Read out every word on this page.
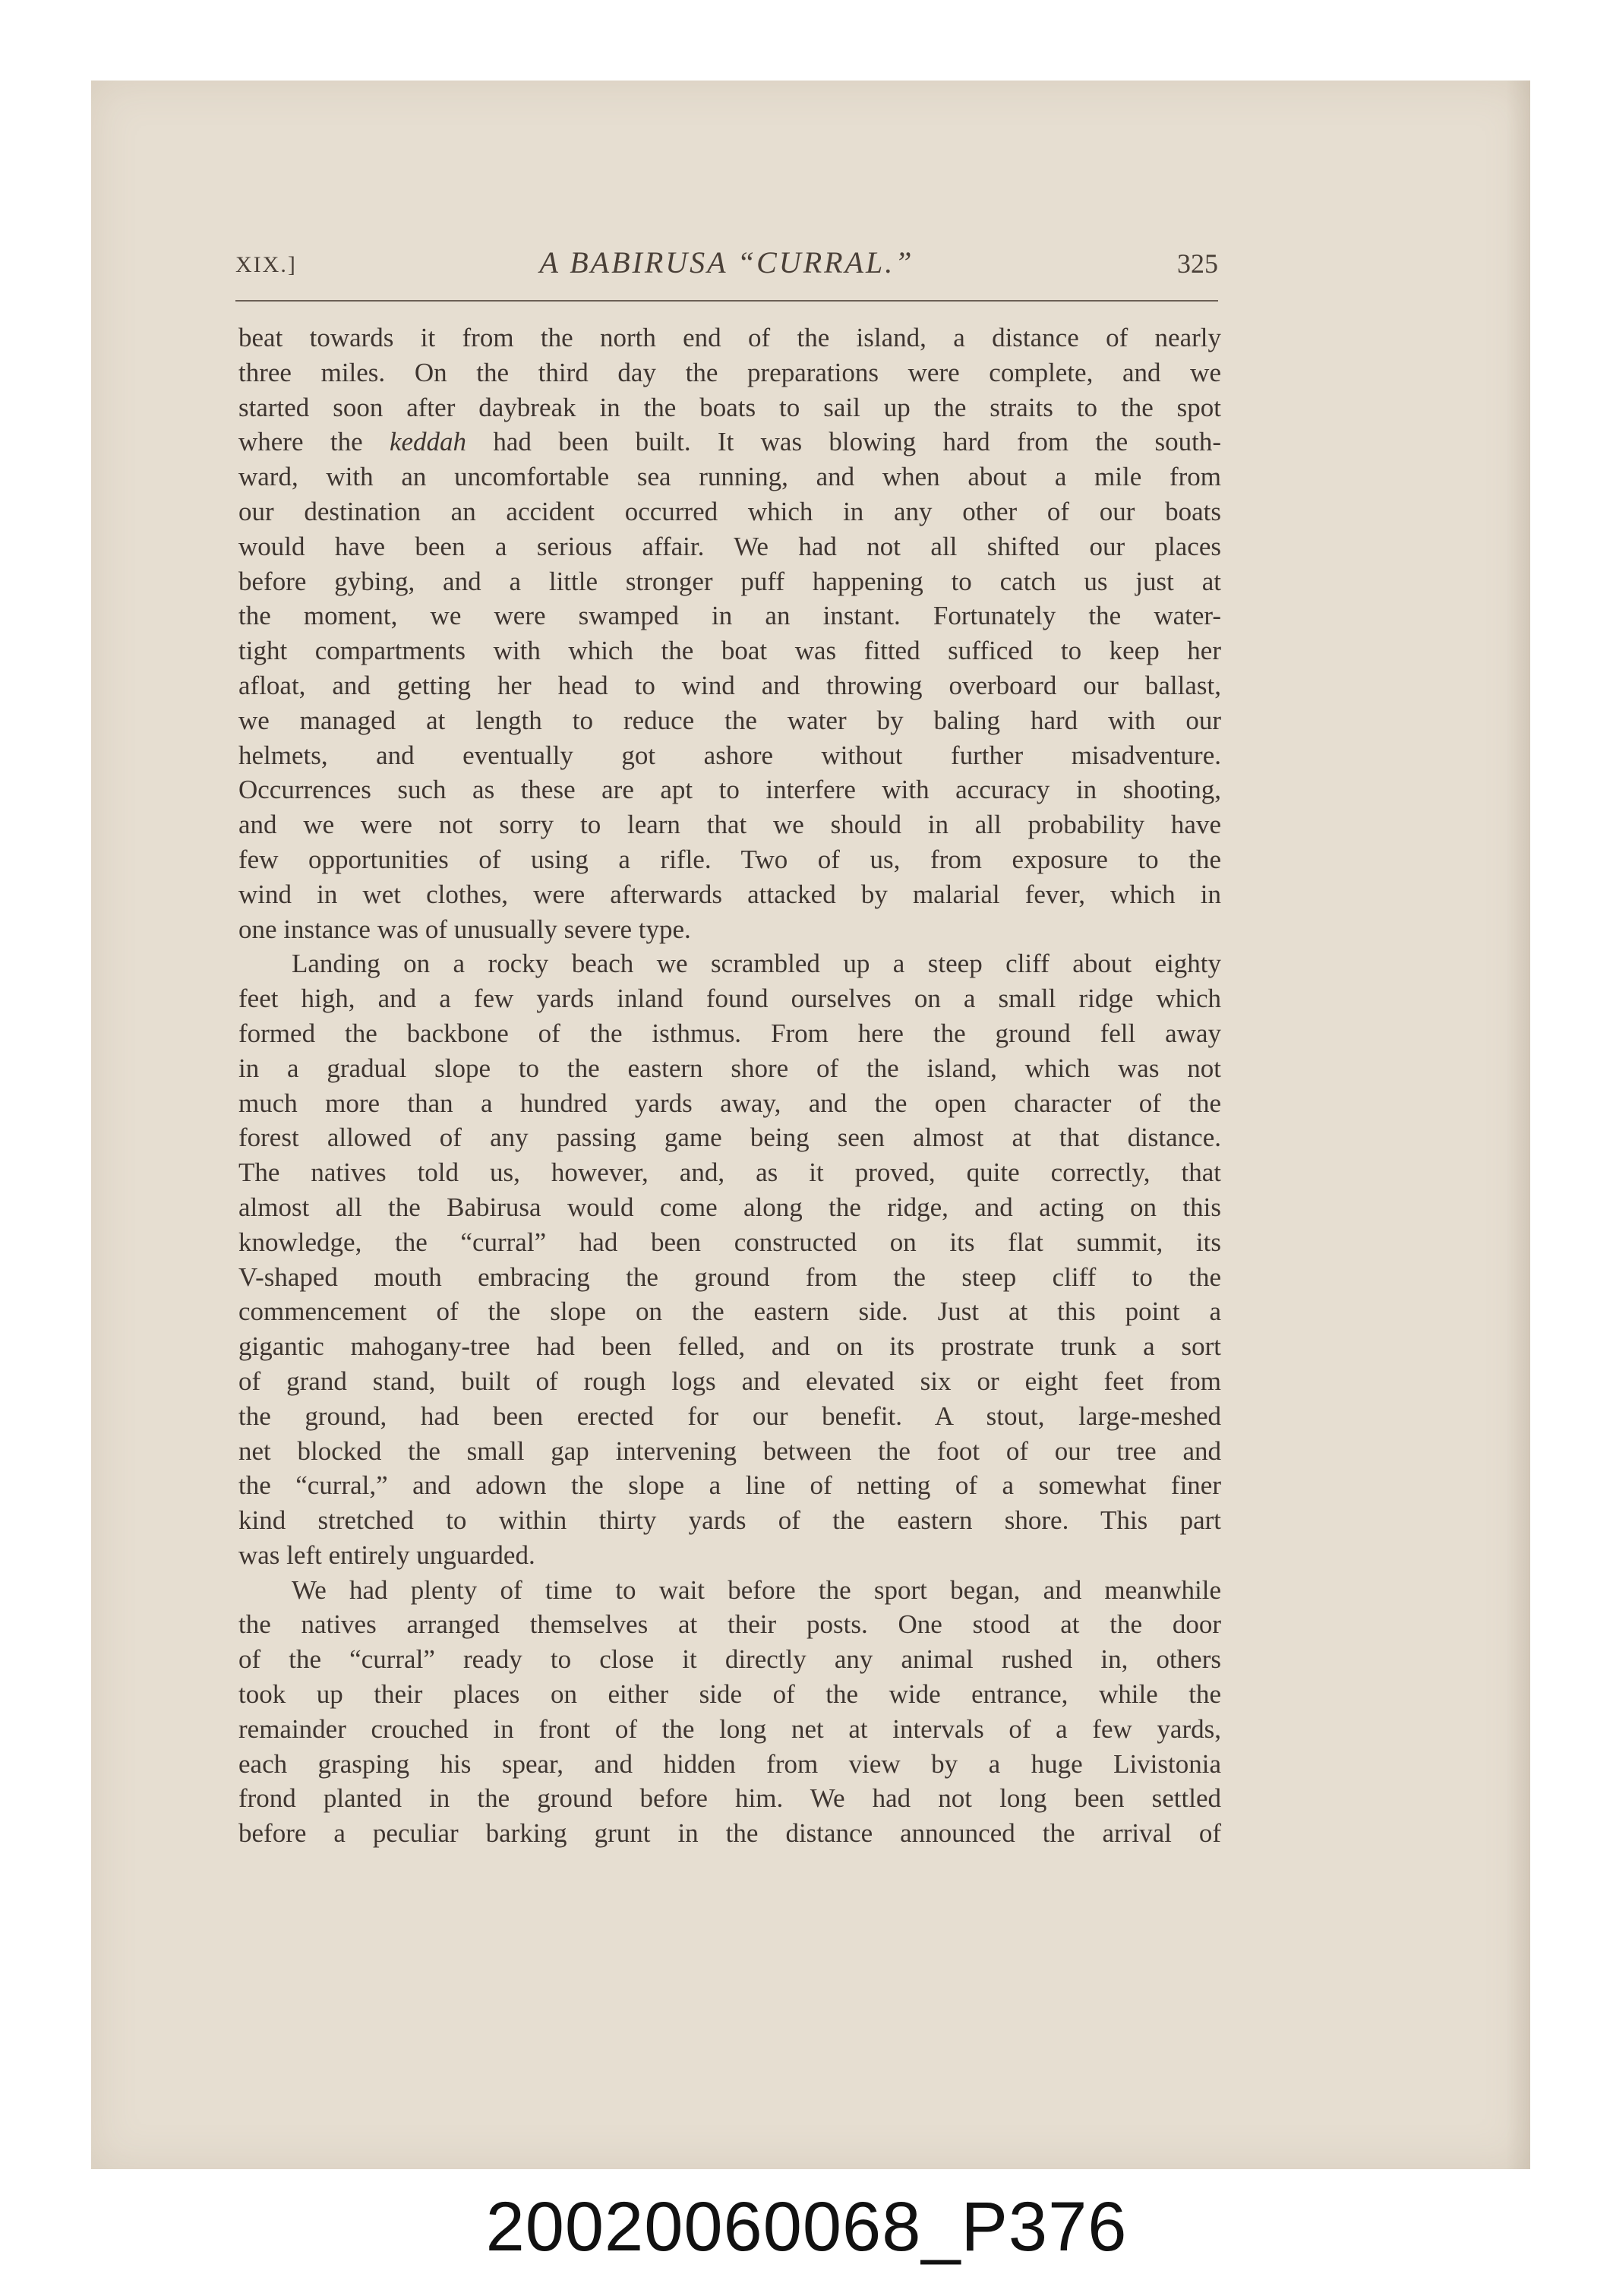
XIX.]	A BABIRUSA “CURRAL.”	325
beat towards it from the north end of the island, a distance of nearly
three miles. On the third day the preparations were complete, and we
started soon after daybreak in the boats to sail up the straits to the spot
where the keddah had been built. It was blowing hard from the south-
ward, with an uncomfortable sea running, and when about a mile from
our destination an accident occurred which in any other of our boats
would have been a serious affair. We had not all shifted our places
before gybing, and a little stronger puff happening to catch us just at
the moment, we were swamped in an instant. Fortunately the water-
tight compartments with which the boat was fitted sufficed to keep her
afloat, and getting her head to wind and throwing overboard our ballast,
we managed at length to reduce the water by baling hard with our
helmets, and eventually got ashore without further misadventure.
Occurrences such as these are apt to interfere with accuracy in shooting,
and we were not sorry to learn that we should in all probability have
few opportunities of using a rifle. Two of us, from exposure to the
wind in wet clothes, were afterwards attacked by malarial fever, which in
one instance was of unusually severe type.
Landing on a rocky beach we scrambled up a steep cliff about eighty
feet high, and a few yards inland found ourselves on a small ridge which
formed the backbone of the isthmus. From here the ground fell away
in a gradual slope to the eastern shore of the island, which was not
much more than a hundred yards away, and the open character of the
forest allowed of any passing game being seen almost at that distance.
The natives told us, however, and, as it proved, quite correctly, that
almost all the Babirusa would come along the ridge, and acting on this
knowledge, the “curral” had been constructed on its flat summit, its
V-shaped mouth embracing the ground from the steep cliff to the
commencement of the slope on the eastern side. Just at this point a
gigantic mahogany-tree had been felled, and on its prostrate trunk a sort
of grand stand, built of rough logs and elevated six or eight feet from
the ground, had been erected for our benefit. A stout, large-meshed
net blocked the small gap intervening between the foot of our tree and
the “curral,” and adown the slope a line of netting of a somewhat finer
kind stretched to within thirty yards of the eastern shore. This part
was left entirely unguarded.
We had plenty of time to wait before the sport began, and meanwhile
the natives arranged themselves at their posts. One stood at the door
of the “curral” ready to close it directly any animal rushed in, others
took up their places on either side of the wide entrance, while the
remainder crouched in front of the long net at intervals of a few yards,
each grasping his spear, and hidden from view by a huge Livistonia
frond planted in the ground before him. We had not long been settled
before a peculiar barking grunt in the distance announced the arrival of
20020060068_P376
